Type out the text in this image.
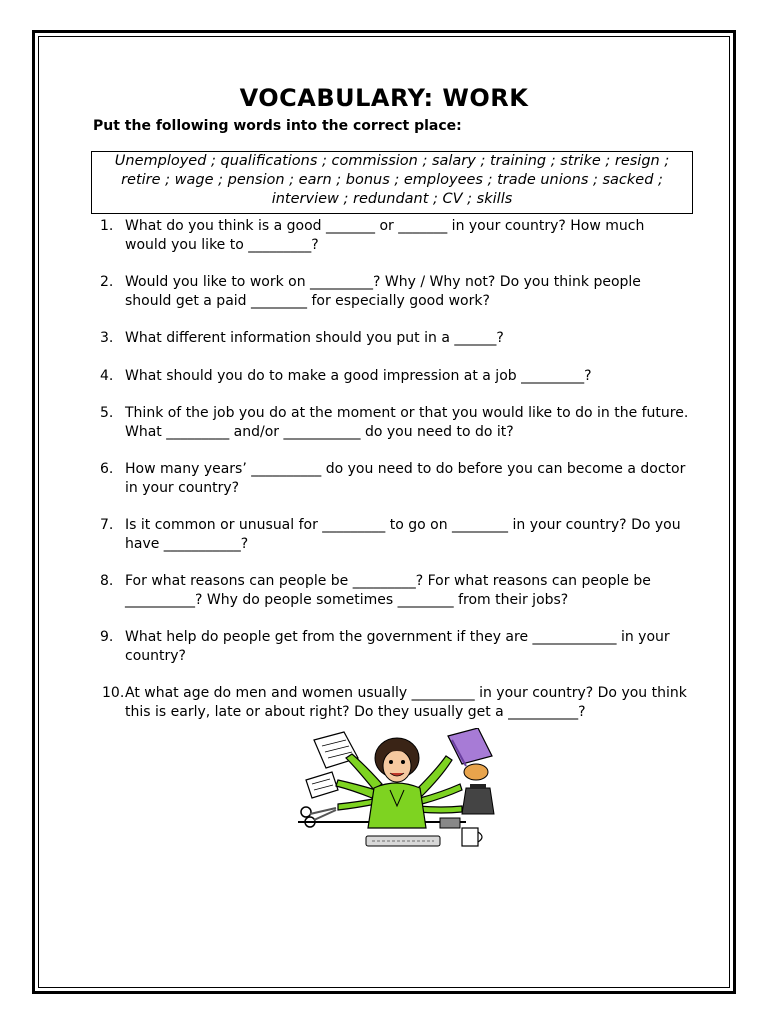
VOCABULARY: WORK
Put the following words into the correct place:
Unemployed ; qualifications ; commission ; salary ; training ; strike ; resign ;
retire ; wage ; pension ; earn ; bonus ; employees ; trade unions ; sacked ;
interview ; redundant ; CV ; skills
1. What do you think is a good _______ or _______ in your country? How much would you like to _________?
2. Would you like to work on _________? Why / Why not? Do you think people should get a paid ________ for especially good work?
3. What different information should you put in a ______?
4. What should you do to make a good impression at a job _________?
5. Think of the job you do at the moment or that you would like to do in the future. What _________ and/or ___________ do you need to do it?
6. How many years’ __________ do you need to do before you can become a doctor in your country?
7. Is it common or unusual for _________ to go on ________ in your country? Do you have ___________?
8. For what reasons can people be _________? For what reasons can people be __________? Why do people sometimes ________ from their jobs?
9. What help do people get from the government if they are ____________ in your country?
10. At what age do men and women usually _________ in your country? Do you think this is early, late or about right? Do they usually get a __________?
